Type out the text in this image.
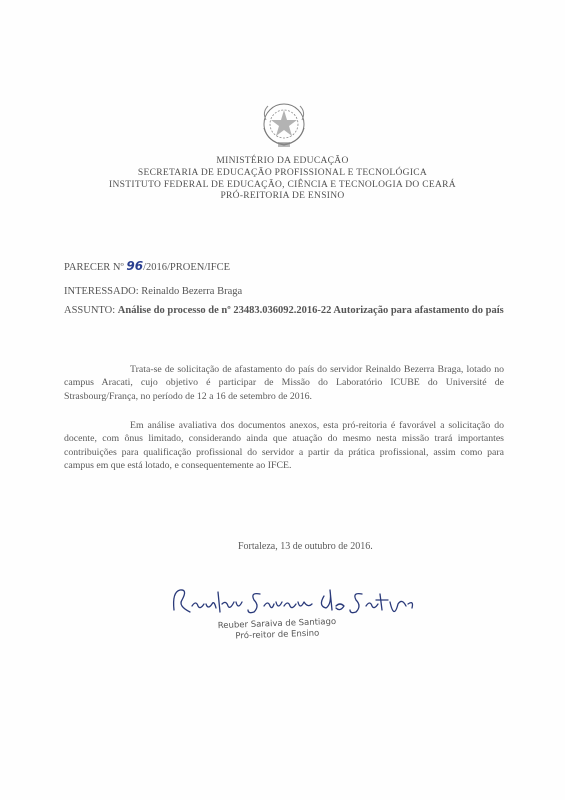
MINISTÉRIO DA EDUCAÇÃO
SECRETARIA DE EDUCAÇÃO PROFISSIONAL E TECNOLÓGICA
INSTITUTO FEDERAL DE EDUCAÇÃO, CIÊNCIA E TECNOLOGIA DO CEARÁ
PRÓ-REITORIA DE ENSINO
PARECER Nº 96/2016/PROEN/IFCE
INTERESSADO: Reinaldo Bezerra Braga
ASSUNTO: Análise do processo de nº 23483.036092.2016-22 Autorização para afastamento do país
Trata-se de solicitação de afastamento do país do servidor Reinaldo Bezerra Braga, lotado no campus Aracati, cujo objetivo é participar de Missão do Laboratório ICUBE do Université de Strasbourg/França, no período de 12 a 16 de setembro de 2016.
Em análise avaliativa dos documentos anexos, esta pró-reitoria é favorável a solicitação do docente, com ônus limitado, considerando ainda que atuação do mesmo nesta missão trará importantes contribuições para qualificação profissional do servidor a partir da prática profissional, assim como para campus em que está lotado, e consequentemente ao IFCE.
Fortaleza, 13 de outubro de 2016.
Reuber Saraiva de Santiago
Pró-reitor de Ensino
